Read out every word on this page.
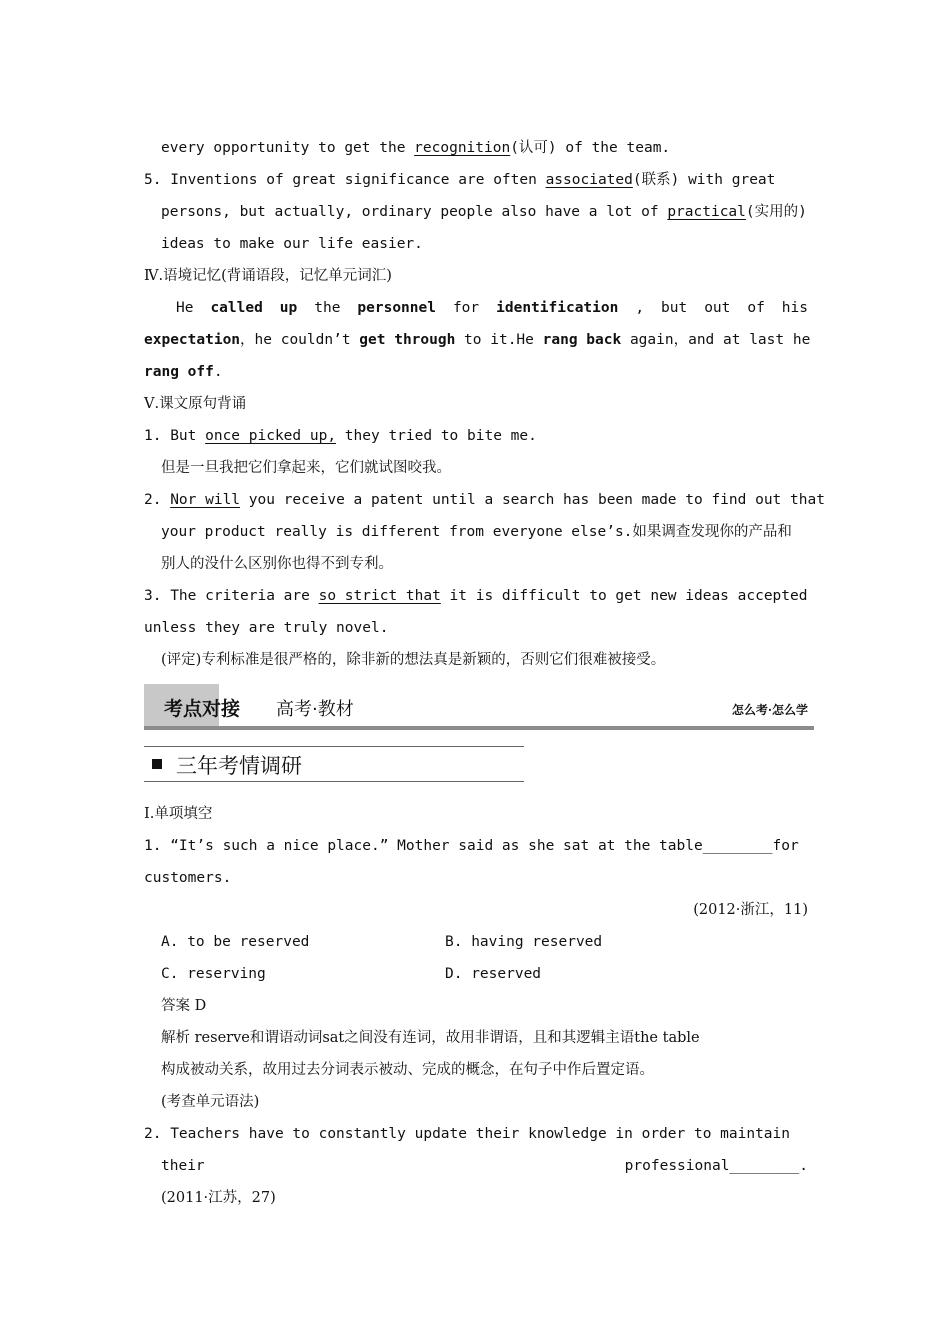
every opportunity to get the recognition(认可) of the team.
5. Inventions of great significance are often associated(联系) with great
persons, but actually, ordinary people also have a lot of practical(实用的)
ideas to make our life easier.
Ⅳ.语境记忆(背诵语段，记忆单元词汇)
He called up the personnel for identification , but out of his
expectation，he couldn’t get through to it.He rang back again，and at last he
rang off.
Ⅴ.课文原句背诵
1. But once picked up, they tried to bite me.
但是一旦我把它们拿起来，它们就试图咬我。
2. Nor will you receive a patent until a search has been made to find out that
your product really is different from everyone else’s.如果调查发现你的产品和
别人的没什么区别你也得不到专利。
3. The criteria are so strict that it is difficult to get new ideas accepted
unless they are truly novel.
(评定)专利标准是很严格的，除非新的想法真是新颖的，否则它们很难被接受。
考点对接 高考·教材	怎么考·怎么学
三年考情调研
Ⅰ.单项填空
1. “It’s such a nice place.” Mother said as she sat at the table________for
customers.
(2012·浙江，11)
A. to be reserved	B. having reserved
C. reserving	D. reserved
答案 D
解析 reserve和谓语动词sat之间没有连词，故用非谓语，且和其逻辑主语the table
构成被动关系，故用过去分词表示被动、完成的概念，在句子中作后置定语。
(考查单元语法)
2. Teachers have to constantly update their knowledge in order to maintain
their	professional________.
(2011·江苏，27)
